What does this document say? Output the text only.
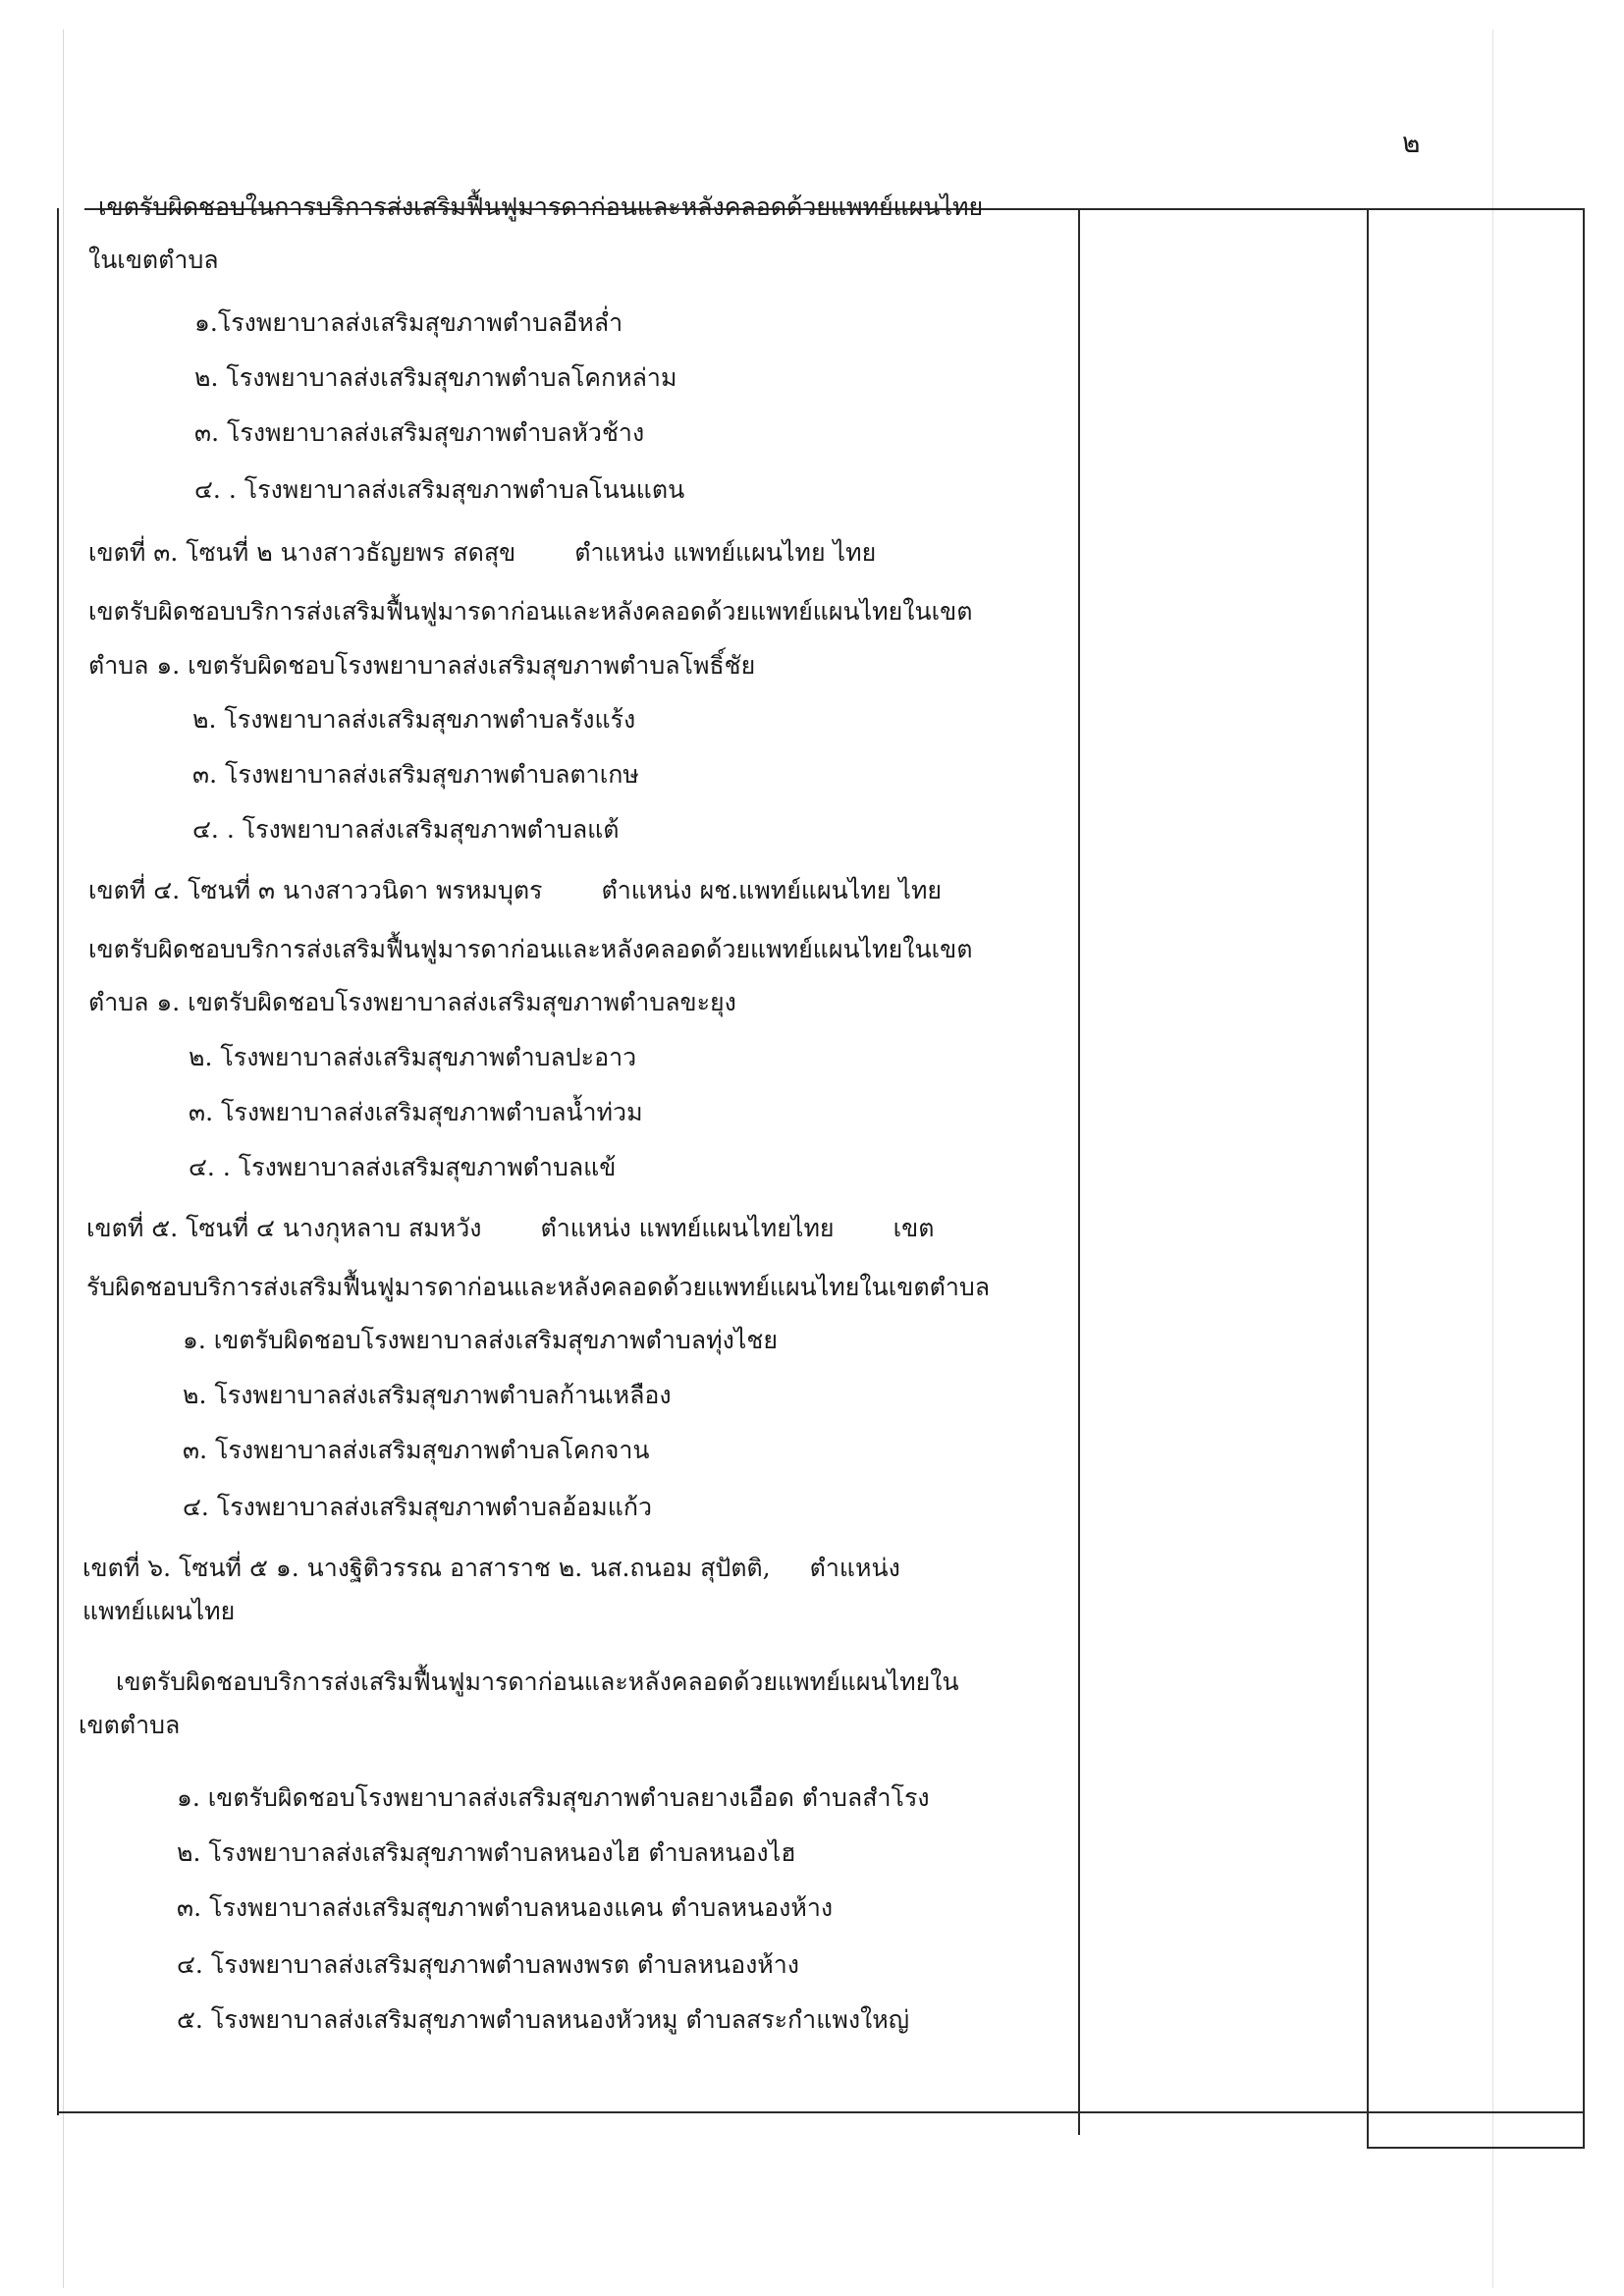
๒
เขตรับผิดชอบในการบริการส่งเสริมฟื้นฟูมารดาก่อนและหลังคลอดด้วยแพทย์แผนไทย
ในเขตตำบล
๑.โรงพยาบาลส่งเสริมสุขภาพตำบลอีหล่ำ
๒. โรงพยาบาลส่งเสริมสุขภาพตำบลโคกหล่าม
๓. โรงพยาบาลส่งเสริมสุขภาพตำบลหัวช้าง
๔. . โรงพยาบาลส่งเสริมสุขภาพตำบลโนนแตน
เขตที่ ๓. โซนที่ ๒ นางสาวธัญยพร สดสุข ตำแหน่ง แพทย์แผนไทย ไทย
เขตรับผิดชอบบริการส่งเสริมฟื้นฟูมารดาก่อนและหลังคลอดด้วยแพทย์แผนไทยในเขต
ตำบล ๑. เขตรับผิดชอบโรงพยาบาลส่งเสริมสุขภาพตำบลโพธิ์ชัย
๒. โรงพยาบาลส่งเสริมสุขภาพตำบลรังแร้ง
๓. โรงพยาบาลส่งเสริมสุขภาพตำบลตาเกษ
๔. . โรงพยาบาลส่งเสริมสุขภาพตำบลแต้
เขตที่ ๔. โซนที่ ๓ นางสาววนิดา พรหมบุตร ตำแหน่ง ผช.แพทย์แผนไทย ไทย
เขตรับผิดชอบบริการส่งเสริมฟื้นฟูมารดาก่อนและหลังคลอดด้วยแพทย์แผนไทยในเขต
ตำบล ๑. เขตรับผิดชอบโรงพยาบาลส่งเสริมสุขภาพตำบลขะยุง
๒. โรงพยาบาลส่งเสริมสุขภาพตำบลปะอาว
๓. โรงพยาบาลส่งเสริมสุขภาพตำบลน้ำท่วม
๔. . โรงพยาบาลส่งเสริมสุขภาพตำบลแข้
เขตที่ ๕. โซนที่ ๔ นางกุหลาบ สมหวัง ตำแหน่ง แพทย์แผนไทยไทย เขต
รับผิดชอบบริการส่งเสริมฟื้นฟูมารดาก่อนและหลังคลอดด้วยแพทย์แผนไทยในเขตตำบล
๑. เขตรับผิดชอบโรงพยาบาลส่งเสริมสุขภาพตำบลทุ่งไชย
๒. โรงพยาบาลส่งเสริมสุขภาพตำบลก้านเหลือง
๓. โรงพยาบาลส่งเสริมสุขภาพตำบลโคกจาน
๔. โรงพยาบาลส่งเสริมสุขภาพตำบลอ้อมแก้ว
เขตที่ ๖. โซนที่ ๕ ๑. นางฐิติวรรณ อาสาราช ๒. นส.ถนอม สุปัตติ, ตำแหน่ง
แพทย์แผนไทย
เขตรับผิดชอบบริการส่งเสริมฟื้นฟูมารดาก่อนและหลังคลอดด้วยแพทย์แผนไทยใน
เขตตำบล
๑. เขตรับผิดชอบโรงพยาบาลส่งเสริมสุขภาพตำบลยางเอือด ตำบลสำโรง
๒. โรงพยาบาลส่งเสริมสุขภาพตำบลหนองไฮ ตำบลหนองไฮ
๓. โรงพยาบาลส่งเสริมสุขภาพตำบลหนองแคน ตำบลหนองห้าง
๔. โรงพยาบาลส่งเสริมสุขภาพตำบลพงพรต ตำบลหนองห้าง
๕. โรงพยาบาลส่งเสริมสุขภาพตำบลหนองหัวหมู ตำบลสระกำแพงใหญ่
